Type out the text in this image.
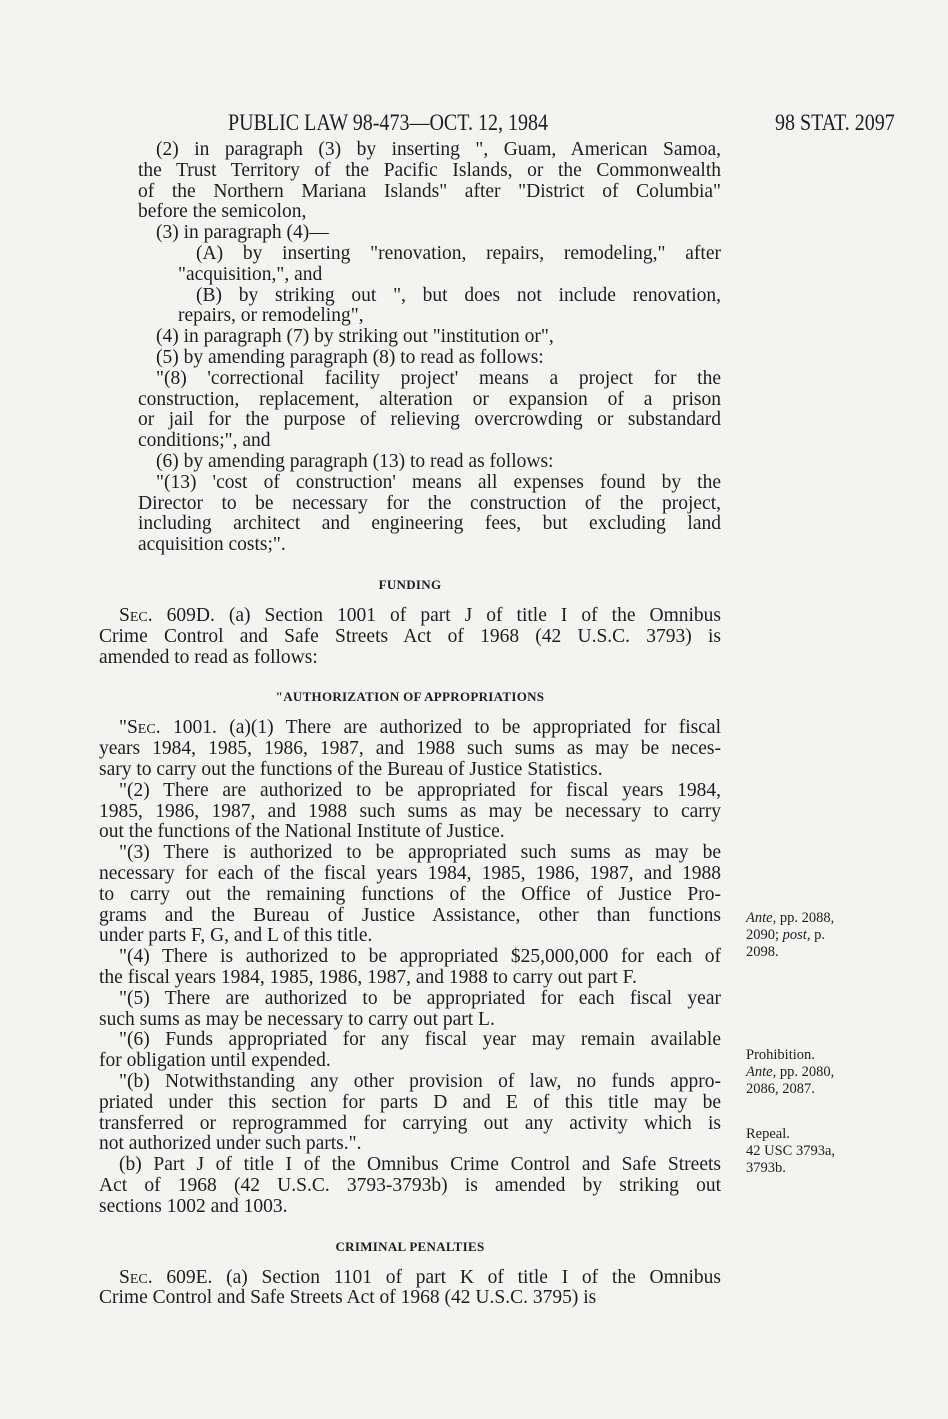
PUBLIC LAW 98-473—OCT. 12, 1984	98 STAT. 2097
(2) in paragraph (3) by inserting ", Guam, American Samoa,
the Trust Territory of the Pacific Islands, or the Commonwealth
of the Northern Mariana Islands" after "District of Columbia"
before the semicolon,
(3) in paragraph (4)—
(A) by inserting "renovation, repairs, remodeling," after
"acquisition,", and
(B) by striking out ", but does not include renovation,
repairs, or remodeling",
(4) in paragraph (7) by striking out "institution or",
(5) by amending paragraph (8) to read as follows:
"(8) 'correctional facility project' means a project for the
construction, replacement, alteration or expansion of a prison
or jail for the purpose of relieving overcrowding or substandard
conditions;", and
(6) by amending paragraph (13) to read as follows:
"(13) 'cost of construction' means all expenses found by the
Director to be necessary for the construction of the project,
including architect and engineering fees, but excluding land
acquisition costs;".
FUNDING
Sec. 609D. (a) Section 1001 of part J of title I of the Omnibus
Crime Control and Safe Streets Act of 1968 (42 U.S.C. 3793) is
amended to read as follows:
"AUTHORIZATION OF APPROPRIATIONS
"Sec. 1001. (a)(1) There are authorized to be appropriated for fiscal
years 1984, 1985, 1986, 1987, and 1988 such sums as may be neces-
sary to carry out the functions of the Bureau of Justice Statistics.
"(2) There are authorized to be appropriated for fiscal years 1984,
1985, 1986, 1987, and 1988 such sums as may be necessary to carry
out the functions of the National Institute of Justice.
"(3) There is authorized to be appropriated such sums as may be
necessary for each of the fiscal years 1984, 1985, 1986, 1987, and 1988
to carry out the remaining functions of the Office of Justice Pro-
grams and the Bureau of Justice Assistance, other than functions
under parts F, G, and L of this title.
"(4) There is authorized to be appropriated $25,000,000 for each of
the fiscal years 1984, 1985, 1986, 1987, and 1988 to carry out part F.
"(5) There are authorized to be appropriated for each fiscal year
such sums as may be necessary to carry out part L.
"(6) Funds appropriated for any fiscal year may remain available
for obligation until expended.
"(b) Notwithstanding any other provision of law, no funds appro-
priated under this section for parts D and E of this title may be
transferred or reprogrammed for carrying out any activity which is
not authorized under such parts.".
(b) Part J of title I of the Omnibus Crime Control and Safe Streets
Act of 1968 (42 U.S.C. 3793-3793b) is amended by striking out
sections 1002 and 1003.
CRIMINAL PENALTIES
Sec. 609E. (a) Section 1101 of part K of title I of the Omnibus
Crime Control and Safe Streets Act of 1968 (42 U.S.C. 3795) is
Ante, pp. 2088,
2090; post, p.
2098.
Prohibition.
Ante, pp. 2080,
2086, 2087.
Repeal.
42 USC 3793a,
3793b.
